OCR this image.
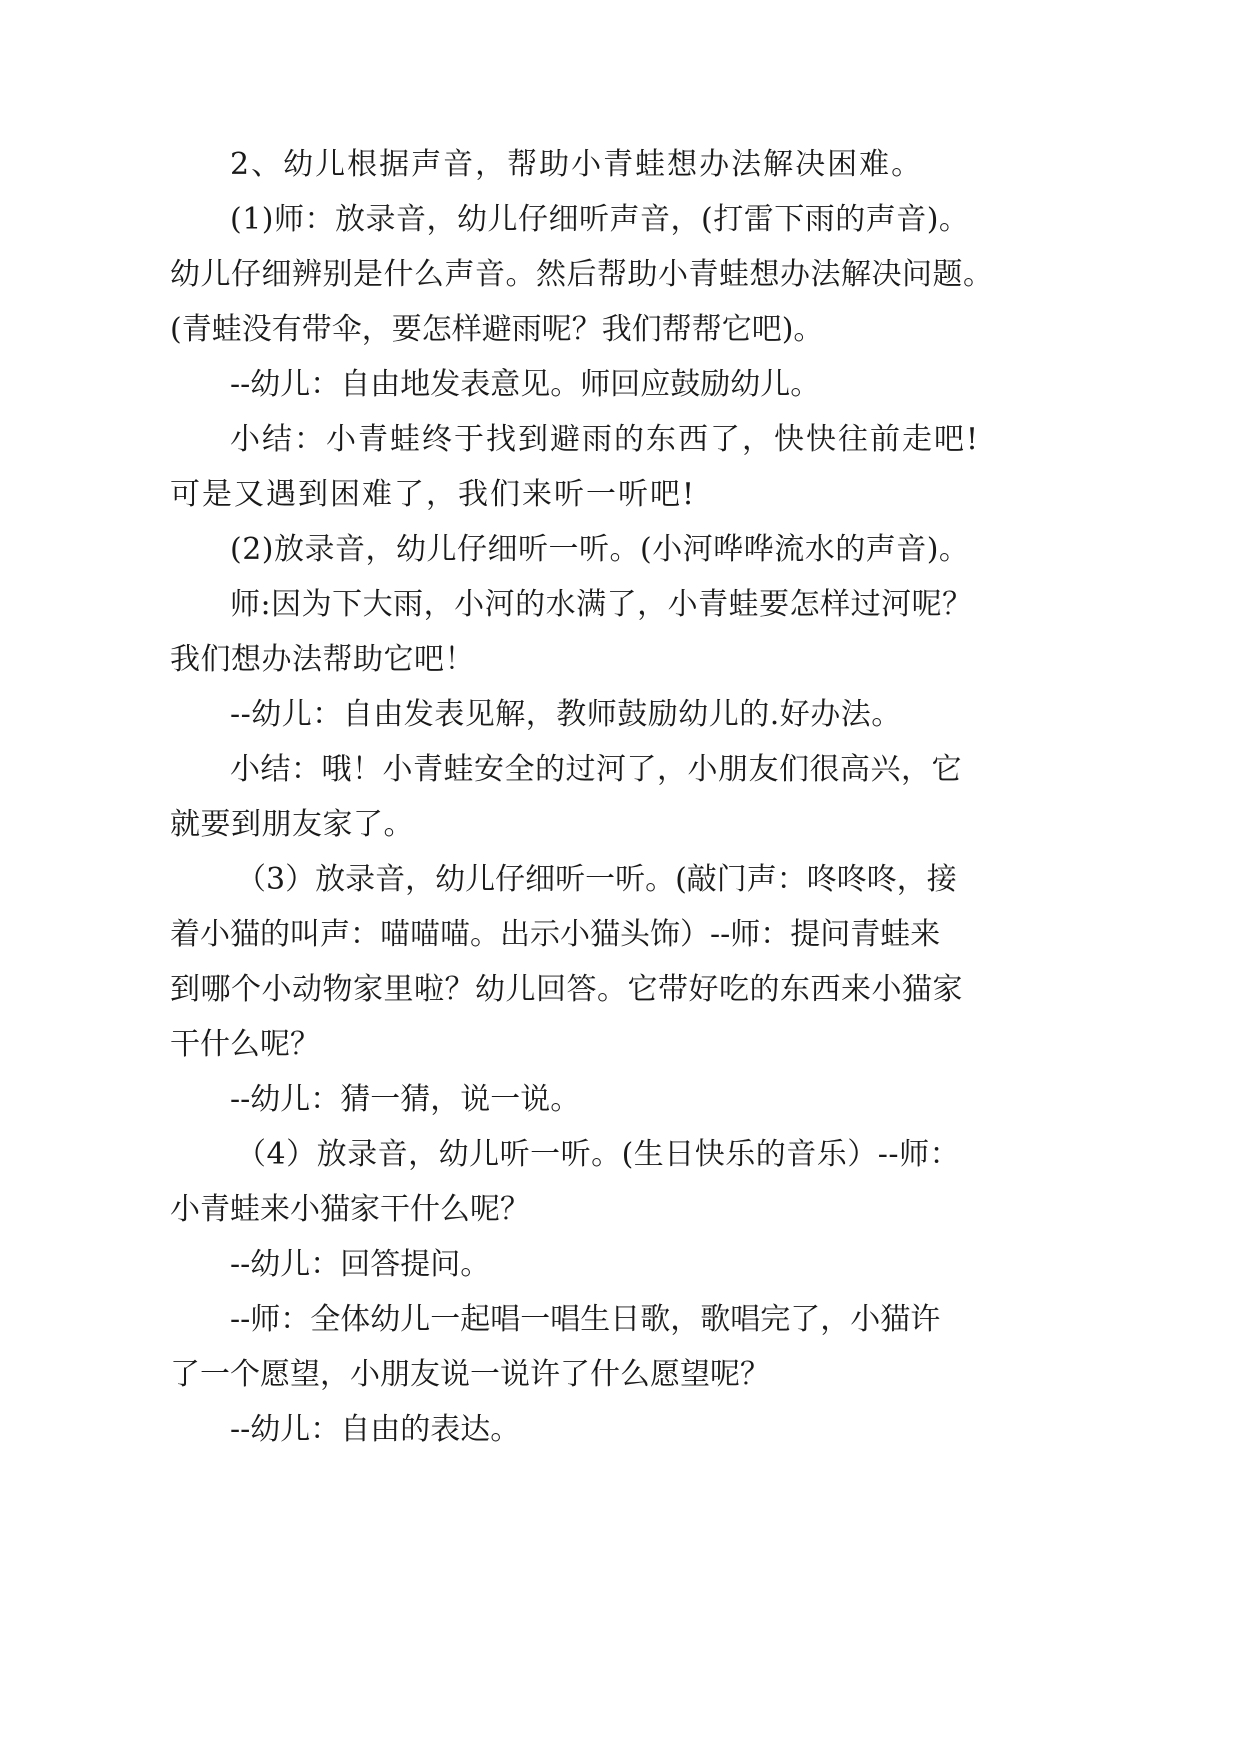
2、幼儿根据声音，帮助小青蛙想办法解决困难。

(1)师：放录音，幼儿仔细听声音，(打雷下雨的声音)。

幼儿仔细辨别是什么声音。然后帮助小青蛙想办法解决问题。

(青蛙没有带伞，要怎样避雨呢？我们帮帮它吧)。

--幼儿：自由地发表意见。师回应鼓励幼儿。

小结：小青蛙终于找到避雨的东西了，快快往前走吧!

可是又遇到困难了，我们来听一听吧!

(2)放录音，幼儿仔细听一听。(小河哗哗流水的声音)。

师:因为下大雨，小河的水满了，小青蛙要怎样过河呢？

我们想办法帮助它吧！

--幼儿：自由发表见解，教师鼓励幼儿的.好办法。

小结：哦！小青蛙安全的过河了，小朋友们很高兴，它

就要到朋友家了。

（3）放录音，幼儿仔细听一听。(敲门声：咚咚咚，接

着小猫的叫声：喵喵喵。出示小猫头饰）--师：提问青蛙来

到哪个小动物家里啦？幼儿回答。它带好吃的东西来小猫家

干什么呢？

--幼儿：猜一猜，说一说。

（4）放录音，幼儿听一听。(生日快乐的音乐）--师：

小青蛙来小猫家干什么呢？

--幼儿：回答提问。

--师：全体幼儿一起唱一唱生日歌，歌唱完了，小猫许

了一个愿望，小朋友说一说许了什么愿望呢？

--幼儿：自由的表达。
